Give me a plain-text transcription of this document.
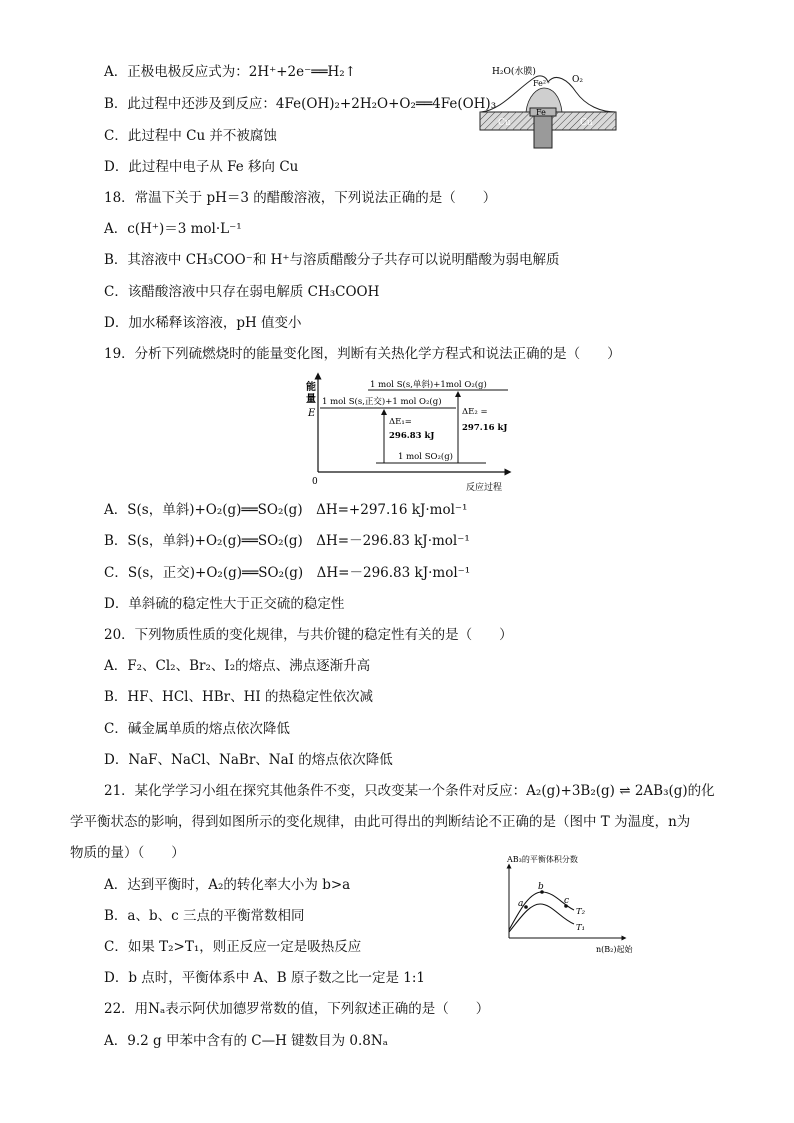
A．正极电极反应式为：2H⁺+2e⁻══H₂↑
B．此过程中还涉及到反应：4Fe(OH)₂+2H₂O+O₂══4Fe(OH)₃
C．此过程中 Cu 并不被腐蚀
D．此过程中电子从 Fe 移向 Cu
18．常温下关于 pH＝3 的醋酸溶液，下列说法正确的是（　　）
A．c(H⁺)＝3 mol·L⁻¹
B．其溶液中 CH₃COO⁻和 H⁺与溶质醋酸分子共存可以说明醋酸为弱电解质
C．该醋酸溶液中只存在弱电解质 CH₃COOH
D．加水稀释该溶液，pH 值变小
19．分析下列硫燃烧时的能量变化图，判断有关热化学方程式和说法正确的是（　　）
A．S(s，单斜)+O₂(g)══SO₂(g)　ΔH=+297.16 kJ·mol⁻¹
B．S(s，单斜)+O₂(g)══SO₂(g)　ΔH=－296.83 kJ·mol⁻¹
C．S(s，正交)+O₂(g)══SO₂(g)　ΔH=－296.83 kJ·mol⁻¹
D．单斜硫的稳定性大于正交硫的稳定性
20．下列物质性质的变化规律，与共价键的稳定性有关的是（　　）
A．F₂、Cl₂、Br₂、I₂的熔点、沸点逐渐升高
B．HF、HCl、HBr、HI 的热稳定性依次减
C．碱金属单质的熔点依次降低
D．NaF、NaCl、NaBr、NaI 的熔点依次降低
21．某化学学习小组在探究其他条件不变，只改变某一个条件对反应：A₂(g)+3B₂(g) ⇌ 2AB₃(g)的化
学平衡状态的影响，得到如图所示的变化规律，由此可得出的判断结论不正确的是（图中 T 为温度，n为
物质的量）（　　）
A．达到平衡时，A₂的转化率大小为 b>a
B．a、b、c 三点的平衡常数相同
C．如果 T₂>T₁，则正反应一定是吸热反应
D．b 点时，平衡体系中 A、B 原子数之比一定是 1:1
22．用Nₐ表示阿伏加德罗常数的值，下列叙述正确的是（　　）
A．9.2 g 甲苯中含有的 C—H 键数目为 0.8Nₐ
H₂O(水膜)
Fe²⁺ O₂
Fe
Cu	Cu
能
量
E
0
反应过程
1 mol S(s,单斜)+1mol O₂(g)
1 mol S(s,正交)+1 mol O₂(g)
1 mol SO₂(g)
ΔE₁=
296.83 kJ
ΔE₂ =
297.16 kJ
AB₃的平衡体积分数
n(B₂)起始
a
b
c
T₂
T₁
